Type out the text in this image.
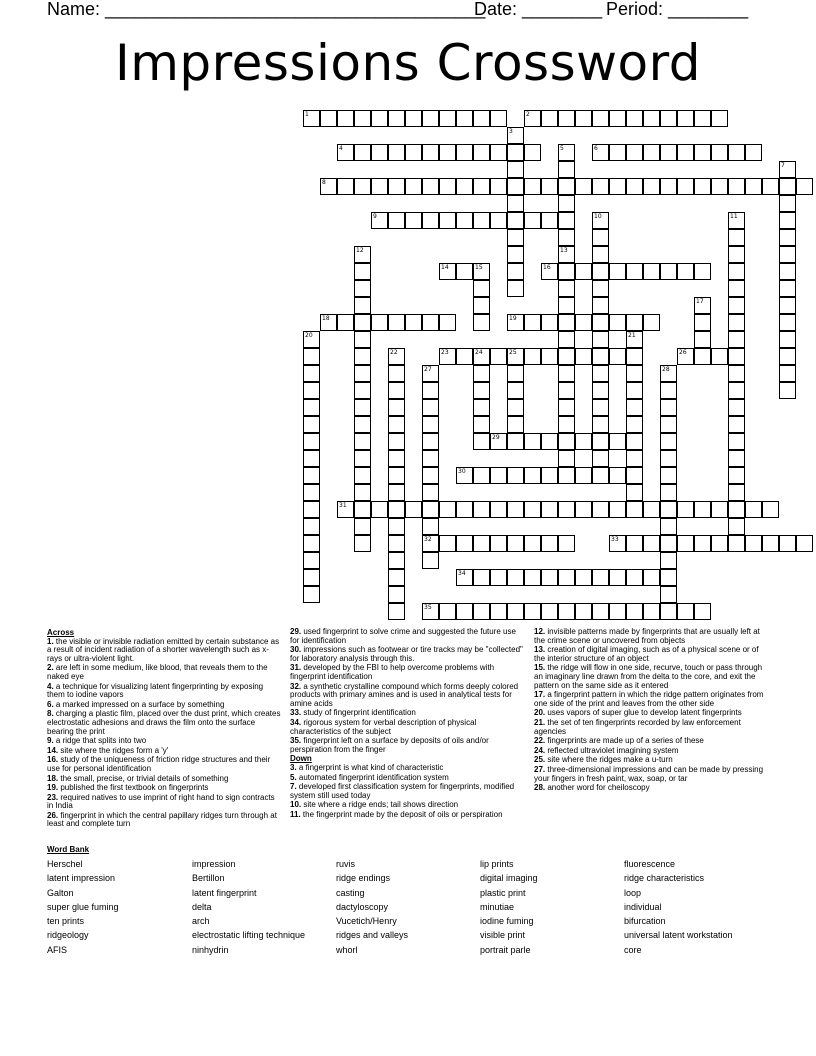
Name: ______________________________________
Date: ________ Period: ________
Impressions Crossword
1	2
4	6
8
9
14	15	16
18	19
23	24	25	26
29
30
31
32	33
34
35
3
5
13
7
10	11
12
17
20	21
22
27	28
Across

1. the visible or invisible radiation emitted by certain substance as a result of incident radiation of a shorter wavelength such as x-rays or ultra-violent light.

2. are left in some medium, like blood, that reveals them to the naked eye

4. a technique for visualizing latent fingerprinting by exposing them to iodine vapors

6. a marked impressed on a surface by something

8. charging a plastic film, placed over the dust print, which creates electrostatic adhesions and draws the film onto the surface bearing the print

9. a ridge that splits into two

14. site where the ridges form a 'y'

16. study of the uniqueness of friction ridge structures and their use for personal identification

18. the small, precise, or trivial details of something

19. published the first textbook on fingerprints

23. required natives to use imprint of right hand to sign contracts in India

26. fingerprint in which the central papillary ridges turn through at least and complete turn

29. used fingerprint to solve crime and suggested the future use for identification

30. impressions such as footwear or tire tracks may be "collected" for laboratory analysis through this.

31. developed by the FBI to help overcome problems with fingerprint identification

32. a synthetic crystalline compound which forms deeply colored products with primary amines and is used in analytical tests for amine acids

33. study of fingerprint identification

34. rigorous system for verbal description of physical characteristics of the subject

35. fingerprint left on a surface by deposits of oils and/or perspiration from the finger

Down

3. a fingerprint is what kind of characteristic

5. automated fingerprint identification system

7. developed first classification system for fingerprints, modified system still used today

10. site where a ridge ends; tail shows direction

11. the fingerprint made by the deposit of oils or perspiration

12. invisible patterns made by fingerprints that are usually left at the crime scene or uncovered from objects

13. creation of digital imaging, such as of a physical scene or of the interior structure of an object

15. the ridge will flow in one side, recurve, touch or pass through an imaginary line drawn from the delta to the core, and exit the pattern on the same side as it entered

17. a fingerprint pattern in which the ridge pattern originates from one side of the print and leaves from the other side

20. uses vapors of super glue to develop latent fingerprints

21. the set of ten fingerprints recorded by law enforcement agencies

22. fingerprints are made up of a series of these

24. reflected ultraviolet imagining system

25. site where the ridges make a u-turn

27. three-dimensional impressions and can be made by pressing your fingers in fresh paint, wax, soap, or tar

28. another word for cheiloscopy

Word Bank
Herschel	impression	ruvis	lip prints	fluorescence
latent impression	Bertillon	ridge endings	digital imaging	ridge characteristics
Galton	latent fingerprint	casting	plastic print	loop
super glue fuming	delta	dactyloscopy	minutiae	individual
ten prints	arch	Vucetich/Henry	iodine fuming	bifurcation
ridgeology	electrostatic lifting technique	ridges and valleys	visible print	universal latent workstation
AFIS	ninhydrin	whorl	portrait parle	core
